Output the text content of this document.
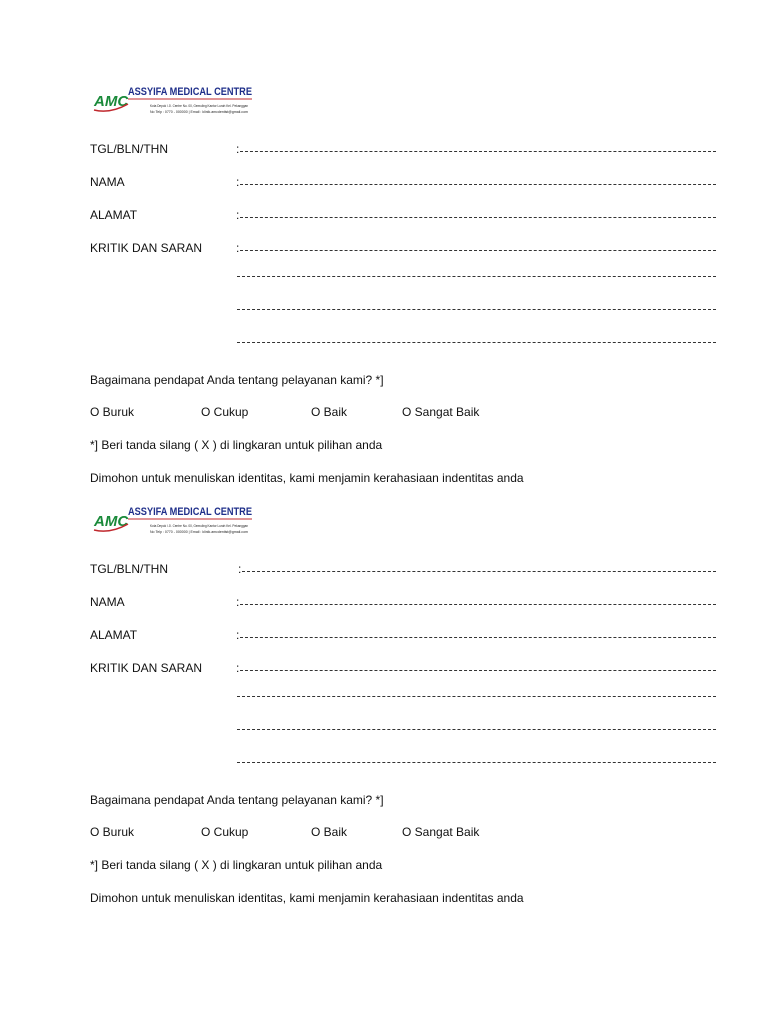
AMC
ASSYIFA MEDICAL CENTRE
Kota Depok / Jl. Centre No. 00, Gemuling Kantor Lurah Kel. Pekanggan
No Telp : 0770 - 000000 | Email : klinik.amcdentist@gmail.com
TGL/BLN/THN	:
NAMA	:
ALAMAT	:
KRITIK DAN SARAN	:
Bagaimana pendapat Anda tentang pelayanan kami? *]
O Buruk	O Cukup	O Baik	O Sangat Baik
*] Beri tanda silang ( X ) di lingkaran untuk pilihan anda
Dimohon untuk menuliskan identitas, kami menjamin kerahasiaan indentitas anda
AMC
ASSYIFA MEDICAL CENTRE
Kota Depok / Jl. Centre No. 00, Gemuling Kantor Lurah Kel. Pekanggan
No Telp : 0770 - 000000 | Email : klinik.amcdentist@gmail.com
TGL/BLN/THN	:
NAMA	:
ALAMAT	:
KRITIK DAN SARAN	:
Bagaimana pendapat Anda tentang pelayanan kami? *]
O Buruk	O Cukup	O Baik	O Sangat Baik
*] Beri tanda silang ( X ) di lingkaran untuk pilihan anda
Dimohon untuk menuliskan identitas, kami menjamin kerahasiaan indentitas anda
